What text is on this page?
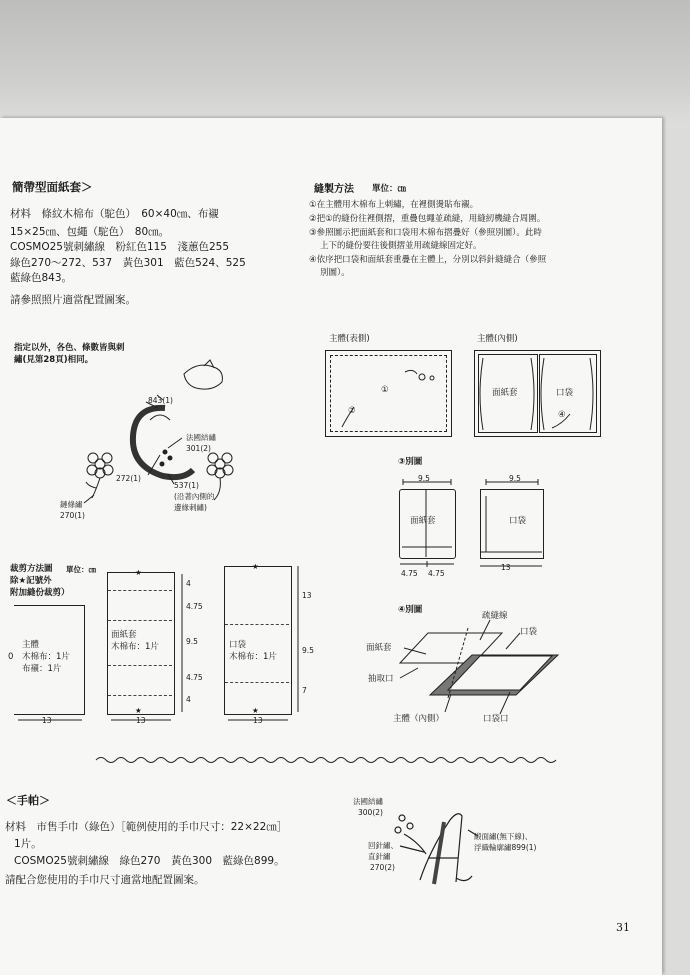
簡帶型面紙套＞
材料　條紋木棉布（駝色）　60×40㎝、布襯
15×25㎝、包繩（駝色）　80㎝。
COSMO25號刺繡線　粉紅色115　淺蕙色255
綠色270～272、537　黃色301　藍色524、525
藍綠色843。
請參照照片適當配置圖案。
指定以外，各色、條數皆與刺
繡(見第28頁)相同。
843(1)
法國結繡
301(2)
272(1)
537(1)
(沿著內側的
邊緣刺繡)
鏈條繡
270(1)
縫製方法 單位：㎝
①在主體用木棉布上刺繡，在裡側燙貼布襯。
②把①的縫份往裡側摺，重疊包繩並疏縫，用縫紉機縫合周圍。
③參照圖示把面紙套和口袋用木棉布摺疊好（參照別圖）。此時
上下的縫份要往後側摺並用疏縫線固定好。
④依序把口袋和面紙套重疊在主體上，分別以斜針縫縫合（參照
別圖）。
主體(表側)	主體(內側)
①
②
面紙套	口袋
④
③別圖
9.5	9.5
面紙套
4.75 4.75
口袋
13
④別圖
疏縫線
口袋
面紙套
抽取口
主體（內側）	口袋口
裁剪方法圖 單位：㎝
除★記號外
附加縫份裁剪）
主體
木棉布：1片
布襯：1片
0
13
面紙套
木棉布：1片
★
★
13
4
4.75
9.5
4.75
4
口袋
木棉布：1片
★
★
13
13
9.5
7
＜手帕＞
材料　市售手巾（綠色）［範例使用的手巾尺寸：22×22㎝］
1片。
COSMO25號刺繡線　綠色270　黃色300　藍綠色899。
請配合您使用的手巾尺寸適當地配置圖案。
法國結繡
300(2)
回針繡、
直針繡
270(2)
緞面繡(無下線)、
浮織輪廓繡899(1)
31
